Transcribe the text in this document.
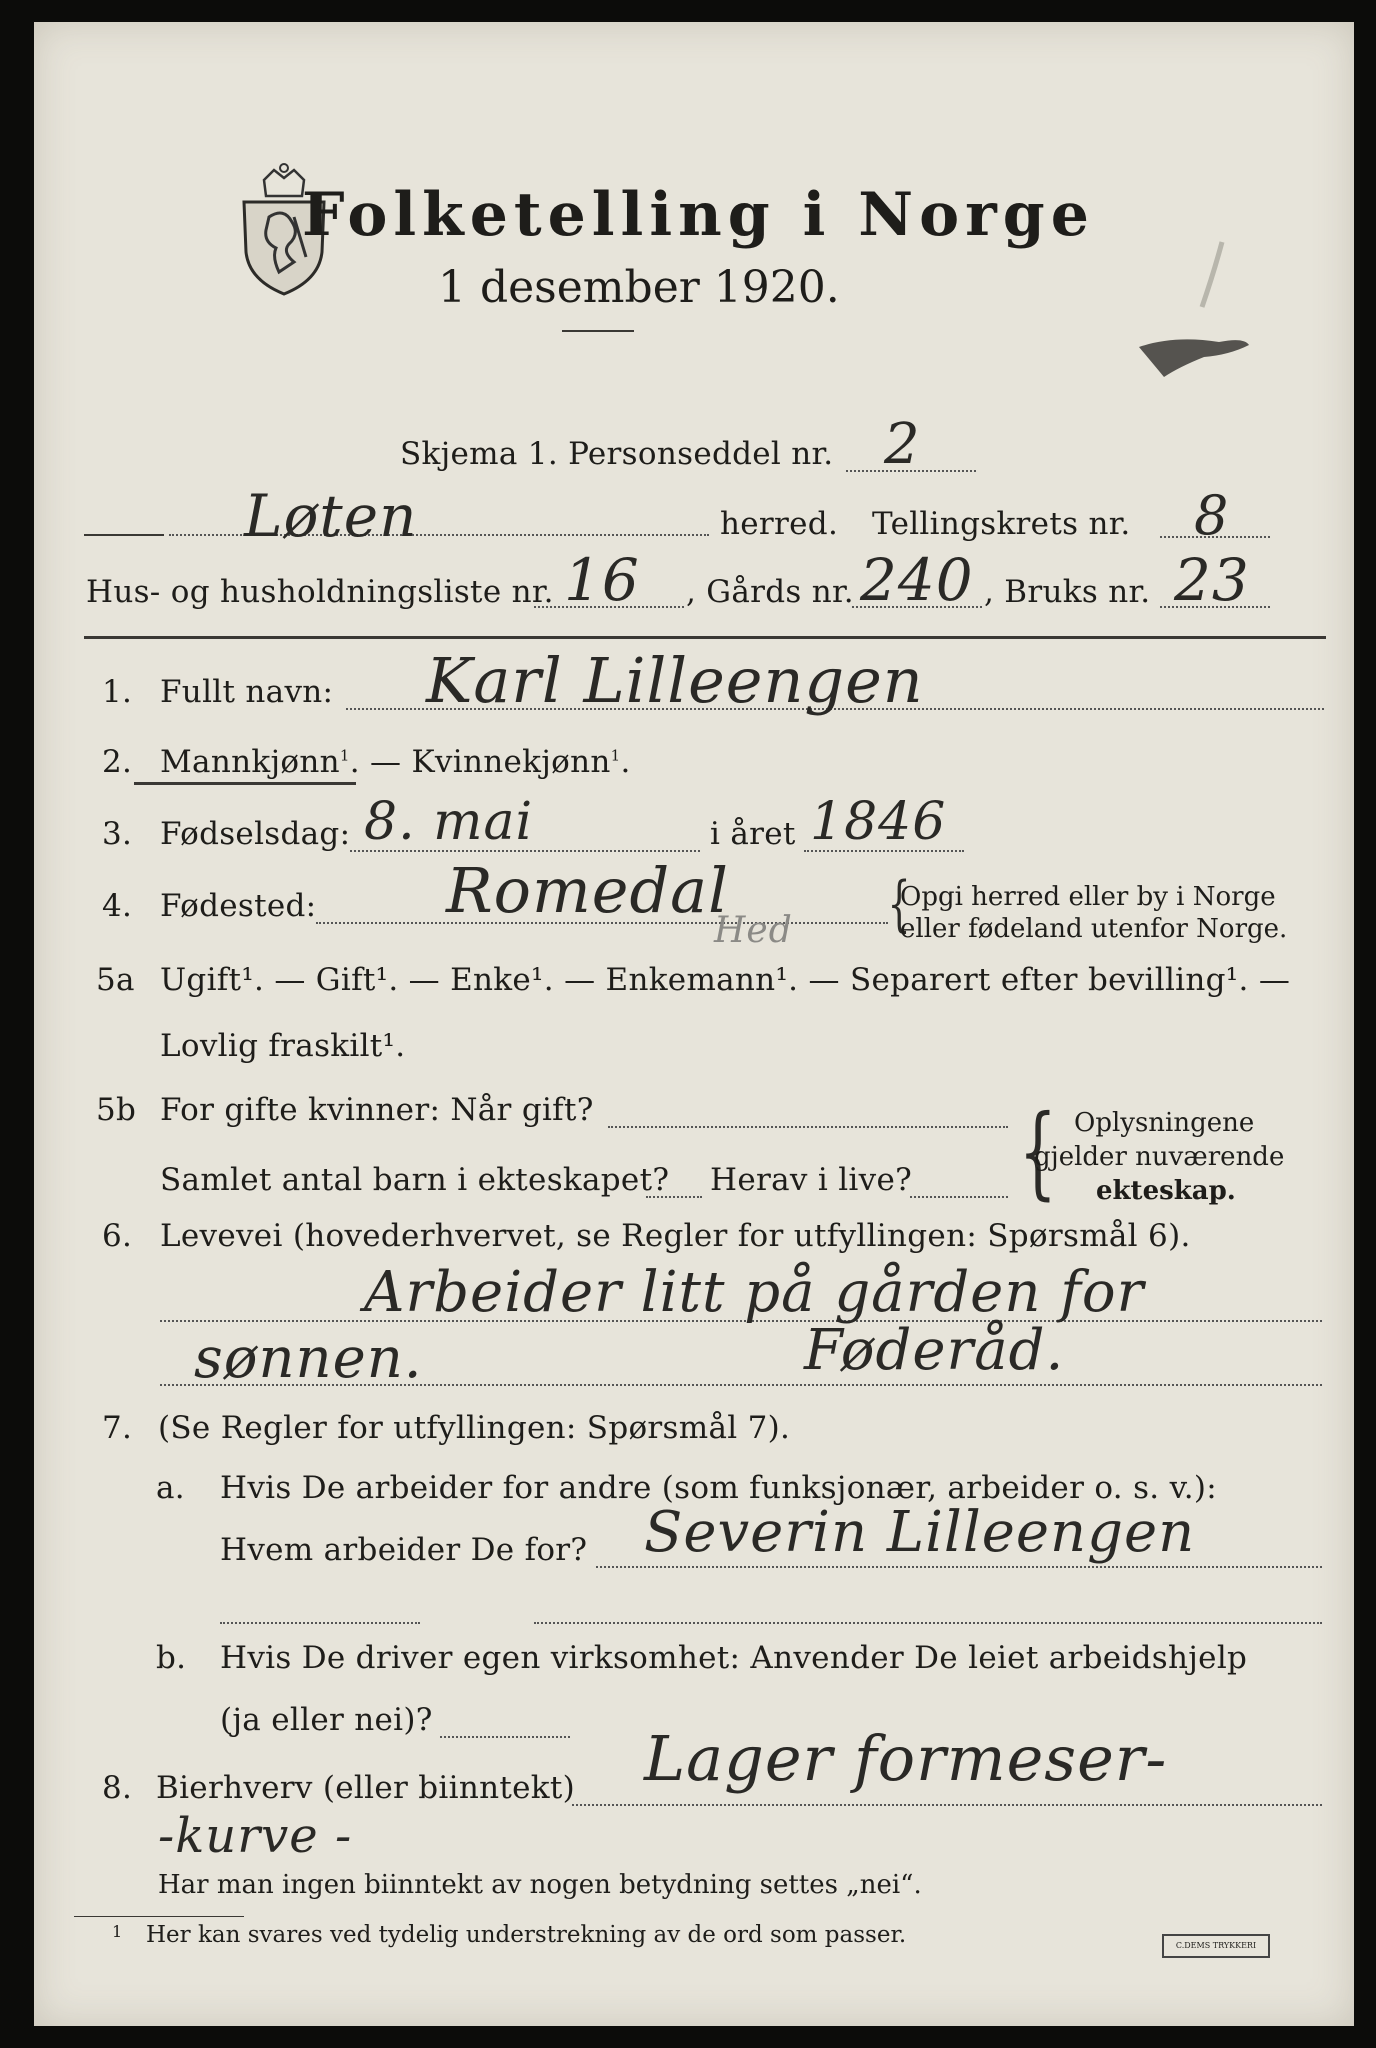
Folketelling i Norge
1 desember 1920.
Skjema 1. Personseddel nr. 2
Løten	herred. Tellingskrets nr. 8
Hus- og husholdningsliste nr. 16 , Gårds nr. 240 , Bruks nr. 23
1. Fullt navn: Karl Lilleengen
2. Mannkjønn$^1$. — Kvinnekjønn$^1$.
3. Fødselsdag: 8. mai	i året 1846
4. Fødested: Romedal
Hed {
Opgi herred eller by i Norge
eller fødeland utenfor Norge.
5a Ugift¹. — Gift¹. — Enke¹. — Enkemann¹. — Separert efter bevilling¹. —
Lovlig fraskilt¹.
5b For gifte kvinner: Når gift?
Samlet antal barn i ekteskapet? Herav i live? { Oplysningene
gjelder nuværende
ekteskap.
6. Levevei (hovederhvervet, se Regler for utfyllingen: Spørsmål 6).
Arbeider litt på gården for
sønnen.	Føderåd.
7. (Se Regler for utfyllingen: Spørsmål 7).
a. Hvis De arbeider for andre (som funksjonær, arbeider o. s. v.):
Hvem arbeider De for? Severin Lilleengen
b. Hvis De driver egen virksomhet: Anvender De leiet arbeidshjelp
(ja eller nei)?
8. Bierhverv (eller biinntekt) Lager formeser-
-kurve -
Har man ingen biinntekt av nogen betydning settes „nei“.
1 Her kan svares ved tydelig understrekning av de ord som passer.	C.DEMS TRYKKERI
